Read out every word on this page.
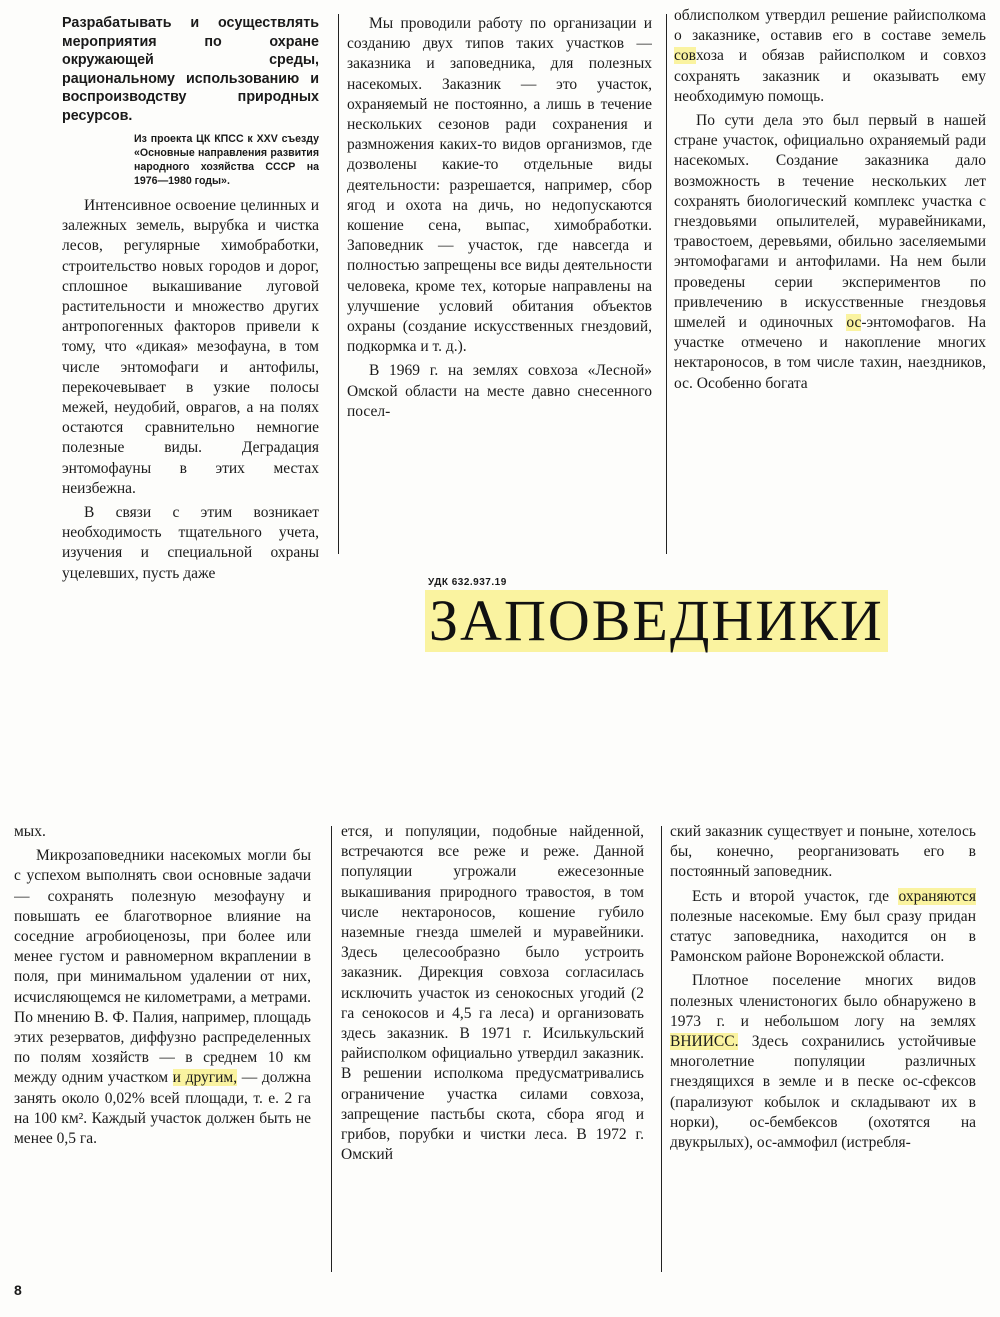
Разрабатывать и осуществлять мероприятия по охране окружающей среды, рациональному использованию и воспроизводству природных ресурсов.
Из проекта ЦК КПСС к XXV съезду «Основные направления развития народного хозяйства СССР на 1976—1980 годы».

Интенсивное освоение целинных и залежных земель, вырубка и чистка лесов, регулярные химобработки, строительство новых городов и дорог, сплошное выкашивание луговой растительности и множество других антропогенных факторов привели к тому, что «дикая» мезофауна, в том числе энтомофаги и антофилы, перекочевывает в узкие полосы межей, неудобий, оврагов, а на полях остаются сравнительно немногие полезные виды. Деградация энтомофауны в этих местах неизбежна.

В связи с этим возникает необходимость тщательного учета, изучения и специальной охраны уцелевших, пусть даже

Мы проводили работу по организации и созданию двух типов таких участков — заказника и заповедника, для полезных насекомых. Заказник — это участок, охраняемый не постоянно, а лишь в течение нескольких сезонов ради сохранения и размножения каких-то видов организмов, где дозволены какие-то отдельные виды деятельности: разрешается, например, сбор ягод и охота на дичь, но недопускаются кошение сена, выпас, химобработки. Заповедник — участок, где навсегда и полностью запрещены все виды деятельности человека, кроме тех, которые направлены на улучшение условий обитания объектов охраны (создание искусственных гнездовий, подкормка и т. д.).

В 1969 г. на землях совхоза «Лесной» Омской области на месте давно снесенного посел-

облисполком утвердил решение райисполкома о заказнике, оставив его в составе земель совхоза и обязав райисполком и совхоз сохранять заказник и оказывать ему необходимую помощь.

По сути дела это был первый в нашей стране участок, официально охраняемый ради насекомых. Создание заказника дало возможность в течение нескольких лет сохранять биологический комплекс участка с гнездовьями опылителей, муравейниками, травостоем, деревьями, обильно заселяемыми энтомофагами и антофилами. На нем были проведены серии экспериментов по привлечению в искусственные гнездовья шмелей и одиночных ос-энтомофагов. На участке отмечено и накопление многих нектароносов, в том числе тахин, наездников, ос. Особенно богата

УДК 632.937.19
ЗАПОВЕДНИКИ

мых.

Микрозаповедники насекомых могли бы с успехом выполнять свои основные задачи — сохранять полезную мезофауну и повышать ее благотворное влияние на соседние агробиоценозы, при более или менее густом и равномерном вкраплении в поля, при минимальном удалении от них, исчисляющемся не километрами, а метрами. По мнению В. Ф. Палия, например, площадь этих резерватов, диффузно распределенных по полям хозяйств — в среднем 10 км между одним участком и другим, — должна занять около 0,02% всей площади, т. е. 2 га на 100 км². Каждый участок должен быть не менее 0,5 га.

ется, и популяции, подобные найденной, встречаются все реже и реже. Данной популяции угрожали ежесезонные выкашивания природного травостоя, в том числе нектароносов, кошение губило наземные гнезда шмелей и муравейники. Здесь целесообразно было устроить заказник. Дирекция совхоза согласилась исключить участок из сенокосных угодий (2 га сенокосов и 4,5 га леса) и организовать здесь заказник. В 1971 г. Исилькульский райисполком официально утвердил заказник. В решении исполкома предусматривались ограничение участка силами совхоза, запрещение пастьбы скота, сбора ягод и грибов, порубки и чистки леса. В 1972 г. Омский

ский заказник существует и поныне, хотелось бы, конечно, реорганизовать его в постоянный заповедник.

Есть и второй участок, где охраняются полезные насекомые. Ему был сразу придан статус заповедника, находится он в Рамонском районе Воронежской области.

Плотное поселение многих видов полезных членистоногих было обнаружено в 1973 г. и небольшом логу на землях ВНИИСС. Здесь сохранились устойчивые многолетние популяции различных гнездящихся в земле и в песке ос-сфексов (парализуют кобылок и складывают их в норки), ос-бембексов (охотятся на двукрылых), ос-аммофил (истребля-

8
